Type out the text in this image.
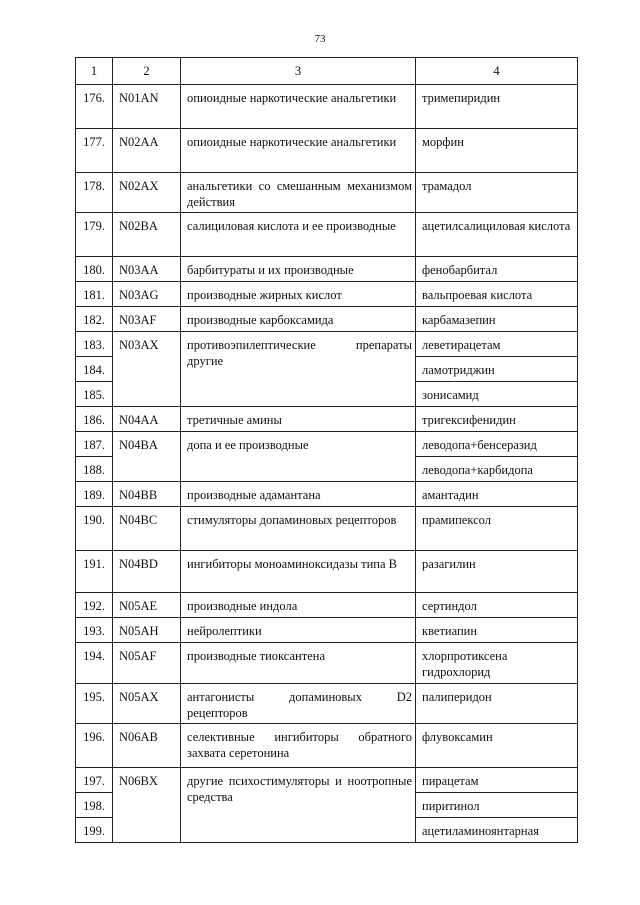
73
1	2	3	4
176.	N01AN	опиоидные наркотические анальгетики	тримепиридин
177.	N02AA	опиоидные наркотические анальгетики	морфин
178.	N02AX	анальгетики со смешанным механизмом действия	трамадол
179.	N02BA	салициловая кислота и ее производные	ацетилсалициловая кислота
180.	N03AA	барбитураты и их производные	фенобарбитал
181.	N03AG	производные жирных кислот	вальпроевая кислота
182.	N03AF	производные карбоксамида	карбамазепин
183.	N03AX	противоэпилептические препараты другие	леветирацетам
184.			ламотриджин
185.			зонисамид
186.	N04AA	третичные амины	тригексифенидин
187.	N04BA	допа и ее производные	леводопа+бенсеразид
188.			леводопа+карбидопа
189.	N04BB	производные адамантана	амантадин
190.	N04BC	стимуляторы допаминовых рецепторов	прамипексол
191.	N04BD	ингибиторы моноаминоксидазы типа B	разагилин
192.	N05AE	производные индола	сертиндол
193.	N05AH	нейролептики	кветиапин
194.	N05AF	производные тиоксантена	хлорпротиксена гидрохлорид
195.	N05AX	антагонисты допаминовых D2 рецепторов	палиперидон
196.	N06AB	селективные ингибиторы обратного захвата серетонина	флувоксамин
197.	N06BX	другие психостимуляторы и ноотропные средства	пирацетам
198.			пиритинол
199.			ацетиламиноянтарная
